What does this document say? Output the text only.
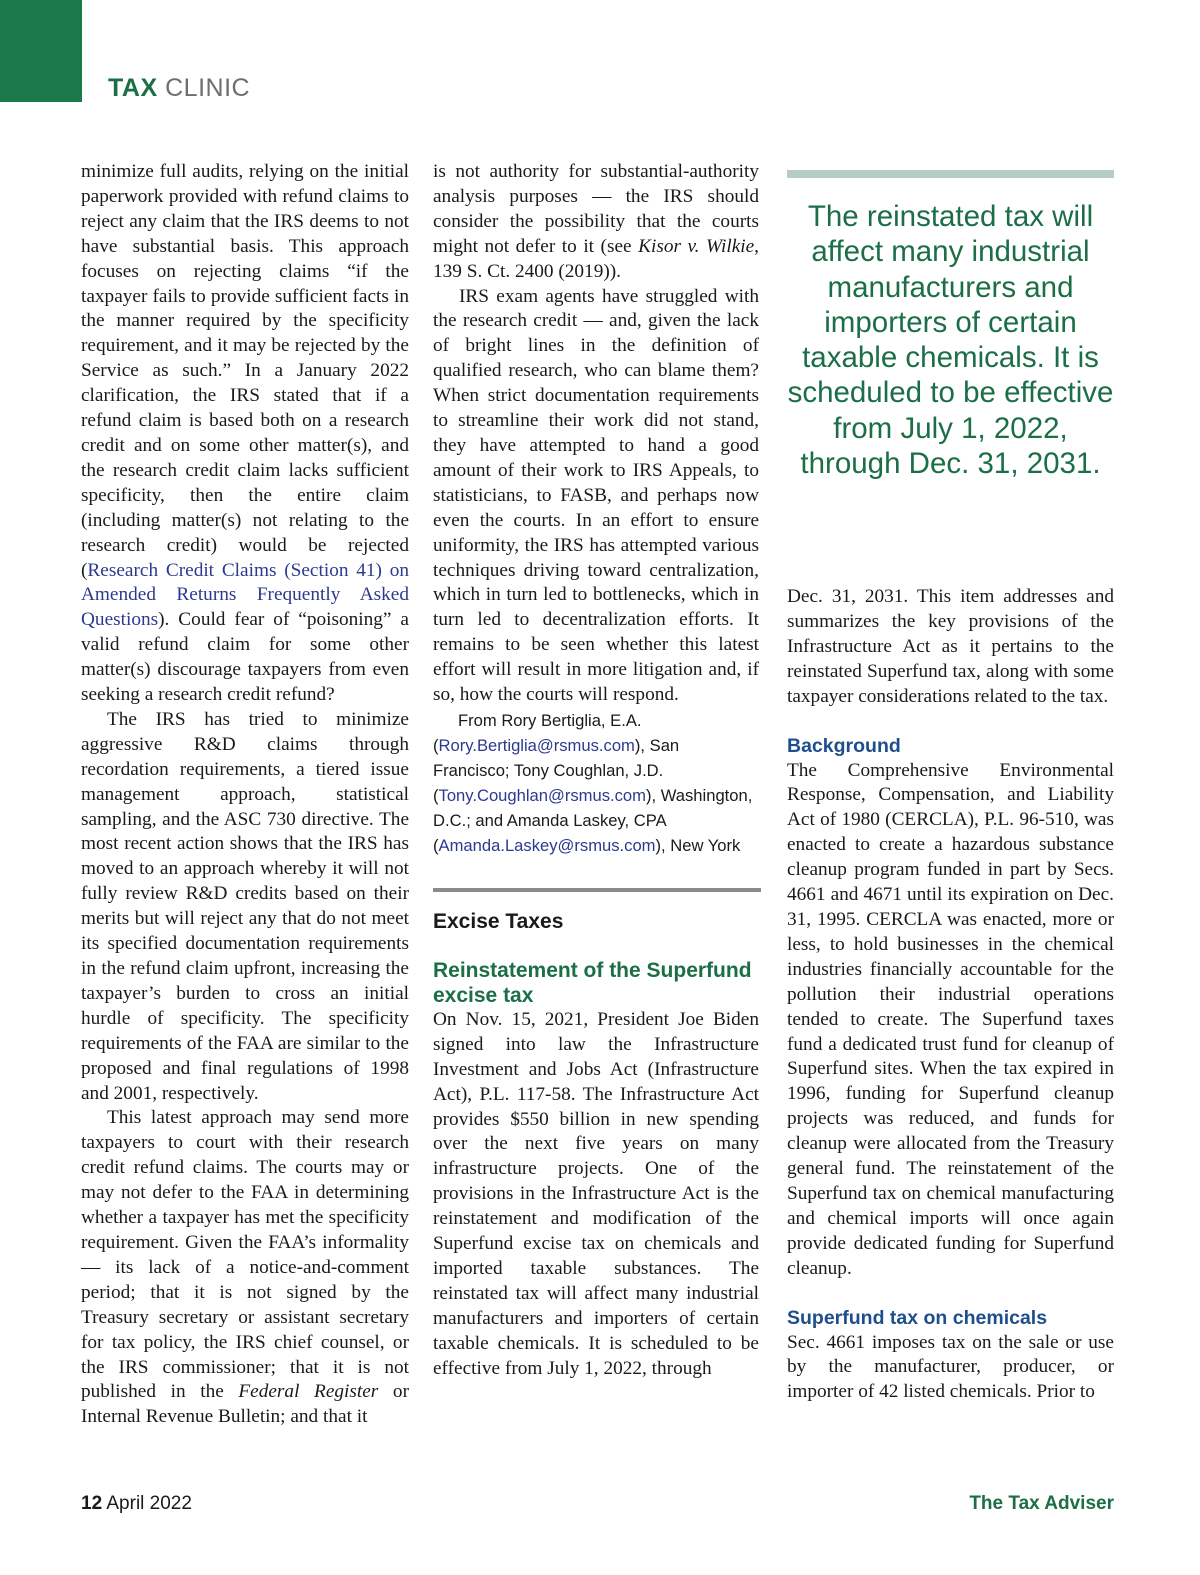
TAX CLINIC

minimize full audits, relying on the initial paperwork provided with refund claims to reject any claim that the IRS deems to not have substantial basis. This approach focuses on rejecting claims “if the taxpayer fails to provide sufficient facts in the manner required by the specificity requirement, and it may be rejected by the Service as such.” In a January 2022 clarification, the IRS stated that if a refund claim is based both on a research credit and on some other matter(s), and the research credit claim lacks sufficient specificity, then the entire claim (including matter(s) not relating to the research credit) would be rejected (Research Credit Claims (Section 41) on Amended Returns Frequently Asked Questions). Could fear of “poisoning” a valid refund claim for some other matter(s) discourage taxpayers from even seeking a research credit refund?

The IRS has tried to minimize aggressive R&D claims through recordation requirements, a tiered issue management approach, statistical sampling, and the ASC 730 directive. The most recent action shows that the IRS has moved to an approach whereby it will not fully review R&D credits based on their merits but will reject any that do not meet its specified documentation requirements in the refund claim upfront, increasing the taxpayer’s burden to cross an initial hurdle of specificity. The specificity requirements of the FAA are similar to the proposed and final regulations of 1998 and 2001, respectively.

This latest approach may send more taxpayers to court with their research credit refund claims. The courts may or may not defer to the FAA in determining whether a taxpayer has met the specificity requirement. Given the FAA’s informality — its lack of a notice-and-comment period; that it is not signed by the Treasury secretary or assistant secretary for tax policy, the IRS chief counsel, or the IRS commissioner; that it is not published in the Federal Register or Internal Revenue Bulletin; and that it

is not authority for substantial-authority analysis purposes — the IRS should consider the possibility that the courts might not defer to it (see Kisor v. Wilkie, 139 S. Ct. 2400 (2019)).

IRS exam agents have struggled with the research credit — and, given the lack of bright lines in the definition of qualified research, who can blame them? When strict documentation requirements to streamline their work did not stand, they have attempted to hand a good amount of their work to IRS Appeals, to statisticians, to FASB, and perhaps now even the courts. In an effort to ensure uniformity, the IRS has attempted various techniques driving toward centralization, which in turn led to bottlenecks, which in turn led to decentralization efforts. It remains to be seen whether this latest effort will result in more litigation and, if so, how the courts will respond.

From Rory Bertiglia, E.A.
(Rory.Bertiglia@rsmus.com), San Francisco; Tony Coughlan, J.D. (Tony.Coughlan@rsmus.com), Washington, D.C.; and Amanda Laskey, CPA (Amanda.Laskey@rsmus.com), New York
Excise Taxes
Reinstatement of the Superfund excise tax

On Nov. 15, 2021, President Joe Biden signed into law the Infrastructure Investment and Jobs Act (Infrastructure Act), P.L. 117-58. The Infrastructure Act provides $550 billion in new spending over the next five years on many infrastructure projects. One of the provisions in the Infrastructure Act is the reinstatement and modification of the Superfund excise tax on chemicals and imported taxable substances. The reinstated tax will affect many industrial manufacturers and importers of certain taxable chemicals. It is scheduled to be effective from July 1, 2022, through

The reinstated tax will affect many industrial manufacturers and importers of certain taxable chemicals. It is scheduled to be effective from July 1, 2022, through Dec. 31, 2031.

Dec. 31, 2031. This item addresses and summarizes the key provisions of the Infrastructure Act as it pertains to the reinstated Superfund tax, along with some taxpayer considerations related to the tax.

Background

The Comprehensive Environmental Response, Compensation, and Liability Act of 1980 (CERCLA), P.L. 96-510, was enacted to create a hazardous substance cleanup program funded in part by Secs. 4661 and 4671 until its expiration on Dec. 31, 1995. CERCLA was enacted, more or less, to hold businesses in the chemical industries financially accountable for the pollution their industrial operations tended to create. The Superfund taxes fund a dedicated trust fund for cleanup of Superfund sites. When the tax expired in 1996, funding for Superfund cleanup projects was reduced, and funds for cleanup were allocated from the Treasury general fund. The reinstatement of the Superfund tax on chemical manufacturing and chemical imports will once again provide dedicated funding for Superfund cleanup.

Superfund tax on chemicals

Sec. 4661 imposes tax on the sale or use by the manufacturer, producer, or importer of 42 listed chemicals. Prior to

12 April 2022	The Tax Adviser
